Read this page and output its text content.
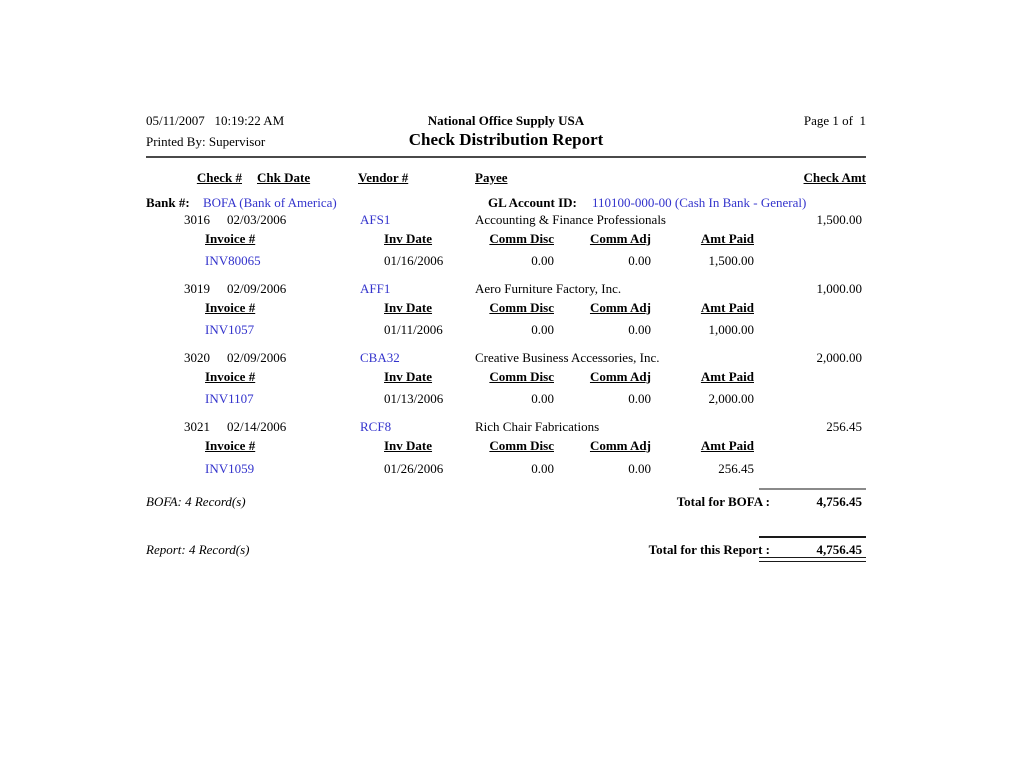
05/11/2007   10:19:22 AM
Printed By: Supervisor
National Office Supply USA
Check Distribution Report
Page 1 of  1
Check # Chk Date	Vendor #	Payee	Check Amt
Bank #: BOFA (Bank of America)	GL Account ID: 110100-000-00 (Cash In Bank - General)
3016 02/03/2006	AFS1	Accounting & Finance Professionals	1,500.00
Invoice #	Inv Date	Comm Disc	Comm Adj	Amt Paid
INV80065	01/16/2006	0.00	0.00	1,500.00
3019 02/09/2006	AFF1	Aero Furniture Factory, Inc.	1,000.00
Invoice #	Inv Date	Comm Disc	Comm Adj	Amt Paid
INV1057	01/11/2006	0.00	0.00	1,000.00
3020 02/09/2006	CBA32	Creative Business Accessories, Inc.	2,000.00
Invoice #	Inv Date	Comm Disc	Comm Adj	Amt Paid
INV1107	01/13/2006	0.00	0.00	2,000.00
3021 02/14/2006	RCF8	Rich Chair Fabrications	256.45
Invoice #	Inv Date	Comm Disc	Comm Adj	Amt Paid
INV1059	01/26/2006	0.00	0.00	256.45
BOFA: 4 Record(s)	Total for BOFA :	4,756.45
Report: 4 Record(s)	Total for this Report :	4,756.45
